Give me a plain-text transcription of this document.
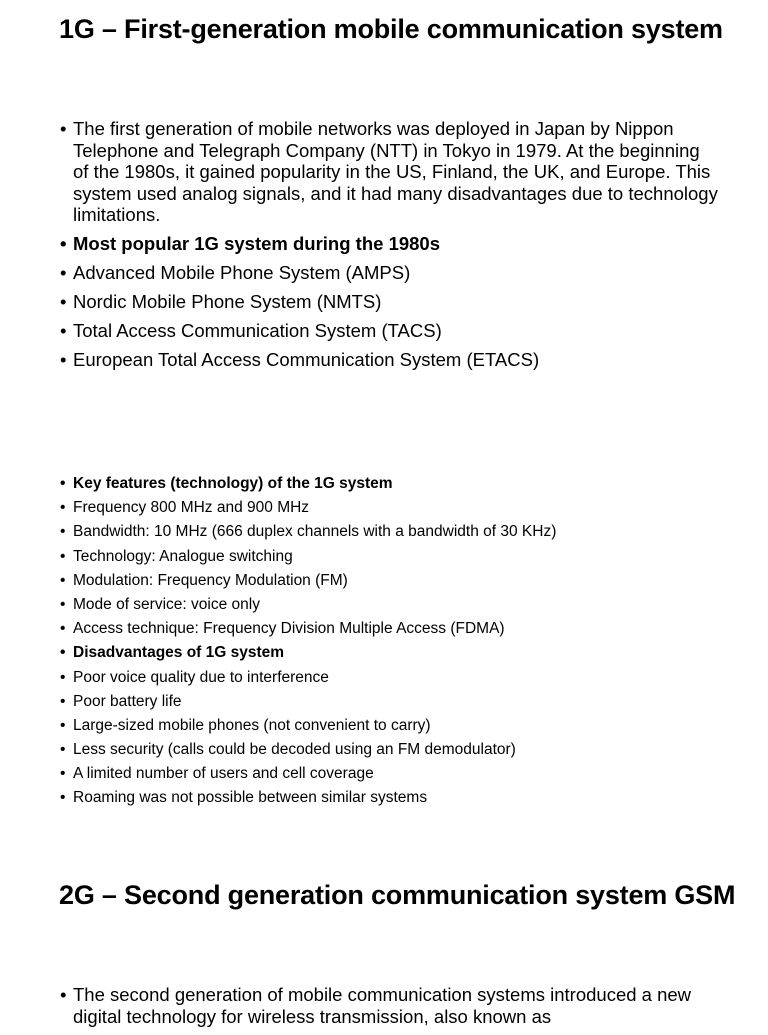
1G – First-generation mobile communication system
• The first generation of mobile networks was deployed in Japan by Nippon Telephone and Telegraph Company (NTT) in Tokyo in 1979. At the beginning of the 1980s, it gained popularity in the US, Finland, the UK, and Europe. This system used analog signals, and it had many disadvantages due to technology limitations.
• Most popular 1G system during the 1980s
• Advanced Mobile Phone System (AMPS)
• Nordic Mobile Phone System (NMTS)
• Total Access Communication System (TACS)
• European Total Access Communication System (ETACS)
• Key features (technology) of the 1G system
• Frequency 800 MHz and 900 MHz
• Bandwidth: 10 MHz (666 duplex channels with a bandwidth of 30 KHz)
• Technology: Analogue switching
• Modulation: Frequency Modulation (FM)
• Mode of service: voice only
• Access technique: Frequency Division Multiple Access (FDMA)
• Disadvantages of 1G system
• Poor voice quality due to interference
• Poor battery life
• Large-sized mobile phones (not convenient to carry)
• Less security (calls could be decoded using an FM demodulator)
• A limited number of users and cell coverage
• Roaming was not possible between similar systems
2G – Second generation communication system GSM
• The second generation of mobile communication systems introduced a new digital technology for wireless transmission, also known as
